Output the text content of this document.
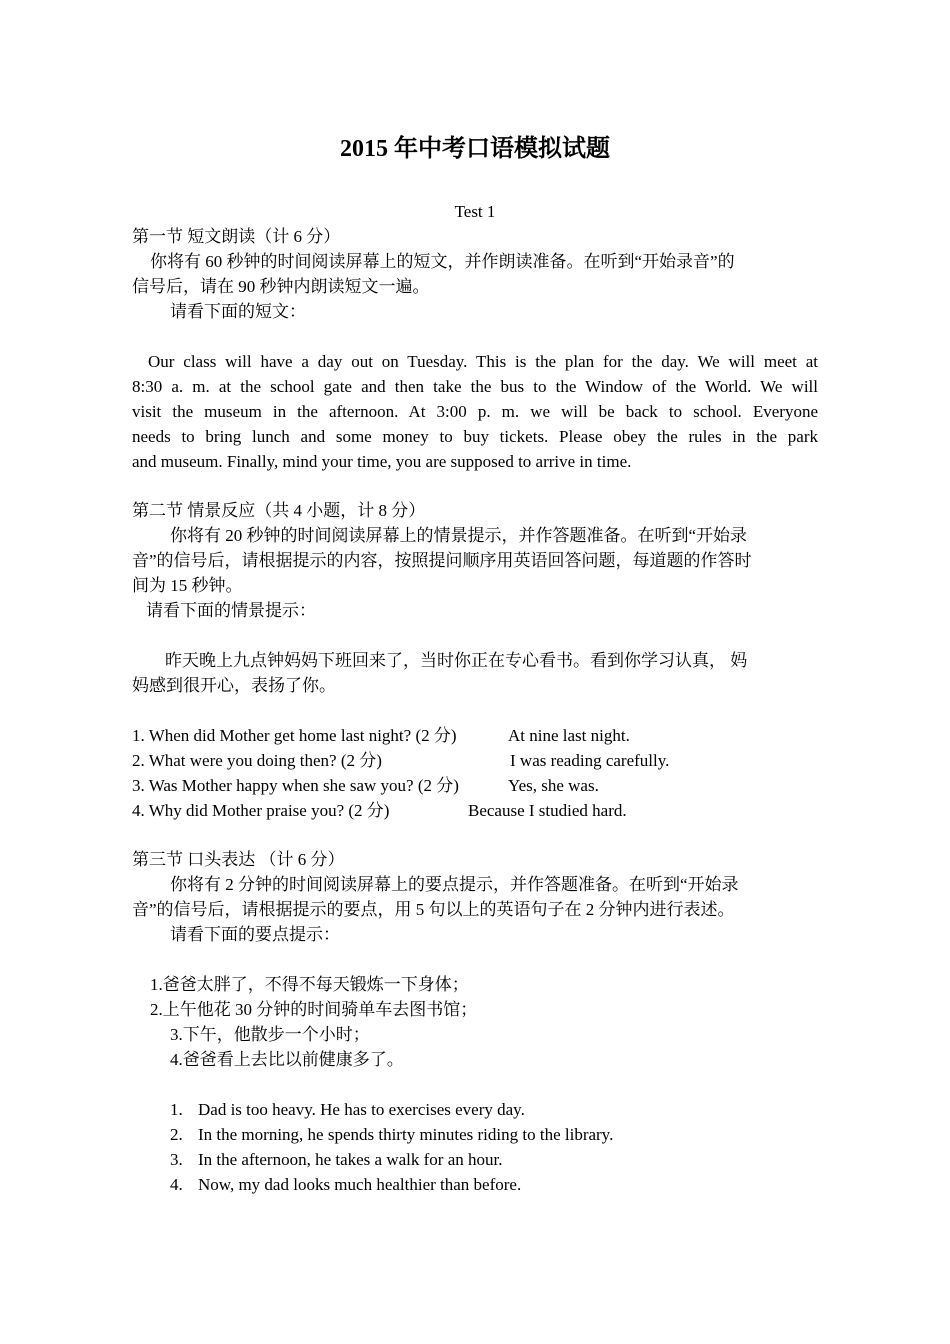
2015 年中考口语模拟试题
Test 1
第一节 短文朗读（计 6 分）
你将有 60 秒钟的时间阅读屏幕上的短文，并作朗读准备。在听到“开始录音”的
信号后，请在 90 秒钟内朗读短文一遍。
请看下面的短文：
Our class will have a day out on Tuesday. This is the plan for the day. We will meet at
8:30 a. m. at the school gate and then take the bus to the Window of the World. We will
visit the museum in the afternoon. At 3:00 p. m. we will be back to school. Everyone
needs to bring lunch and some money to buy tickets. Please obey the rules in the park
and museum. Finally, mind your time, you are supposed to arrive in time.
第二节 情景反应（共 4 小题，计 8 分）
你将有 20 秒钟的时间阅读屏幕上的情景提示，并作答题准备。在听到“开始录
音”的信号后，请根据提示的内容，按照提问顺序用英语回答问题，每道题的作答时
间为 15 秒钟。
请看下面的情景提示：
昨天晚上九点钟妈妈下班回来了，当时你正在专心看书。看到你学习认真， 妈
妈感到很开心，表扬了你。
1. When did Mother get home last night? (2 分)	At nine last night.
2. What were you doing then? (2 分)	I was reading carefully.
3. Was Mother happy when she saw you? (2 分)	Yes, she was.
4. Why did Mother praise you? (2 分)	Because I studied hard.
第三节 口头表达 （计 6 分）
你将有 2 分钟的时间阅读屏幕上的要点提示，并作答题准备。在听到“开始录
音”的信号后，请根据提示的要点，用 5 句以上的英语句子在 2 分钟内进行表述。
请看下面的要点提示：
1.爸爸太胖了，不得不每天锻炼一下身体；
2.上午他花 30 分钟的时间骑单车去图书馆；
3.下午，他散步一个小时；
4.爸爸看上去比以前健康多了。
1. Dad is too heavy. He has to exercises every day.
2. In the morning, he spends thirty minutes riding to the library.
3. In the afternoon, he takes a walk for an hour.
4. Now, my dad looks much healthier than before.
